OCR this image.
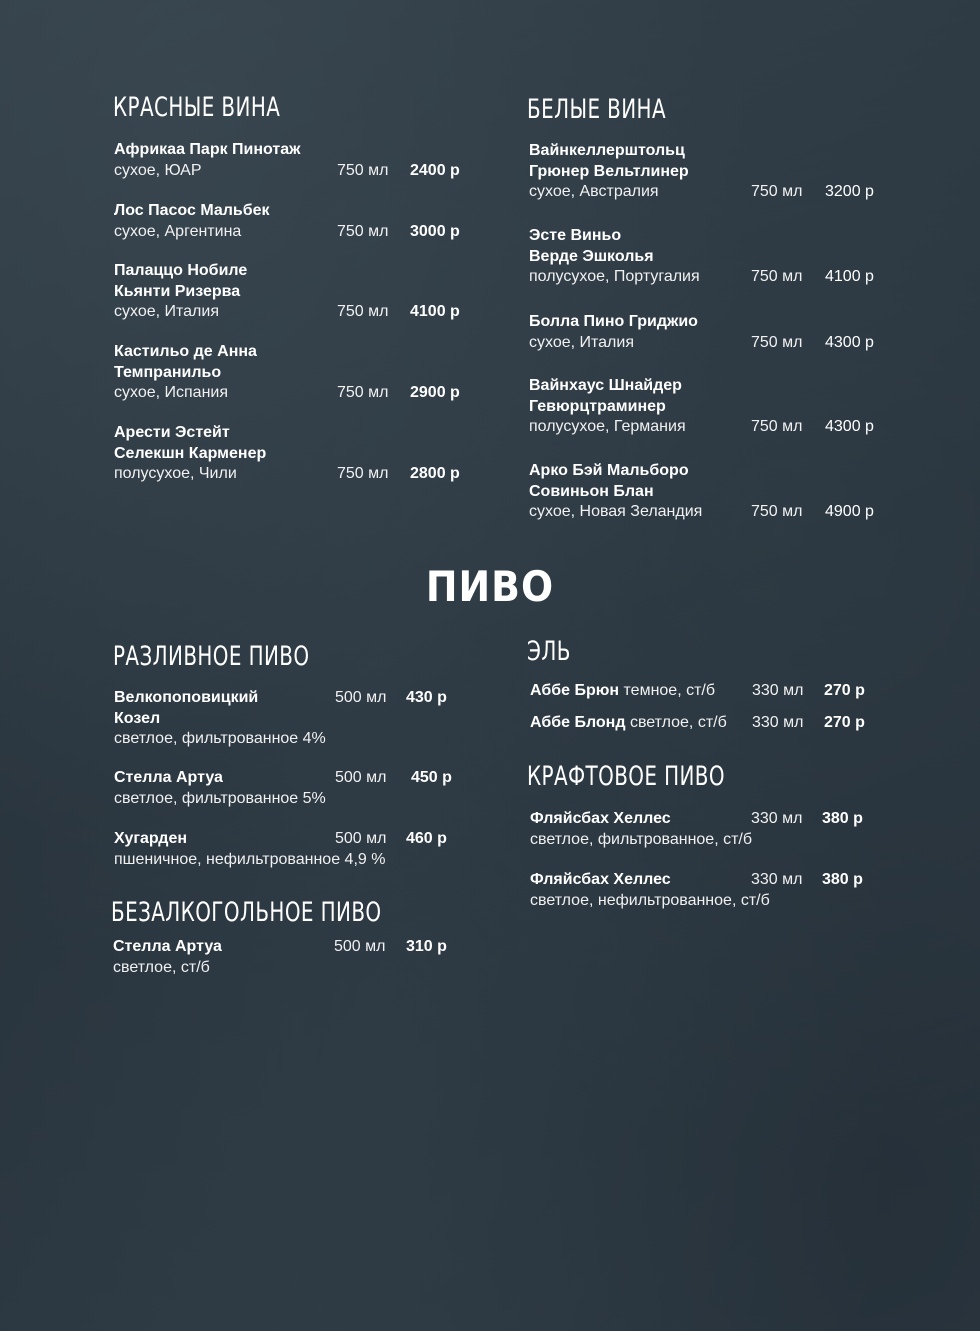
КРАСНЫЕ ВИНА
Африкаа Парк Пинотаж
сухое, ЮАР	750 мл 2400 р
Лос Пасос Мальбек
сухое, Аргентина	750 мл 3000 р
Палаццо Нобиле
Кьянти Ризерва
сухое, Италия	750 мл 4100 р
Кастильо де Анна
Темпранильо
сухое, Испания	750 мл 2900 р
Арести Эстейт
Селекшн Карменер
полусухое, Чили	750 мл 2800 р
БЕЛЫЕ ВИНА
Вайнкеллерштольц
Грюнер Вельтлинер
сухое, Австралия	750 мл 3200 р
Эсте Виньо
Верде Эшколья
полусухое, Португалия	750 мл 4100 р
Болла Пино Гриджио
сухое, Италия	750 мл 4300 р
Вайнхаус Шнайдер
Гевюрцтраминер
полусухое, Германия	750 мл 4300 р
Арко Бэй Мальборо
Совиньон Блан
сухое, Новая Зеландия	750 мл 4900 р
ПИВО
РАЗЛИВНОЕ ПИВО
Велкопоповицкий
Козел
светлое, фильтрованное 4%
500 мл 430 р
Стелла Артуа
светлое, фильтрованное 5%
500 мл 450 р
Хугарден
пшеничное, нефильтрованное 4,9 %
500 мл 460 р
БЕЗАЛКОГОЛЬНОЕ ПИВО
Стелла Артуа
светлое, ст/б
500 мл 310 р
ЭЛЬ
Аббе Брюн темное, ст/б 330 мл 270 р
Аббе Блонд светлое, ст/б 330 мл 270 р
КРАФТОВОЕ ПИВО
Фляйсбах Хеллес
светлое, фильтрованное, ст/б
330 мл 380 р
Фляйсбах Хеллес
светлое, нефильтрованное, ст/б
330 мл 380 р
